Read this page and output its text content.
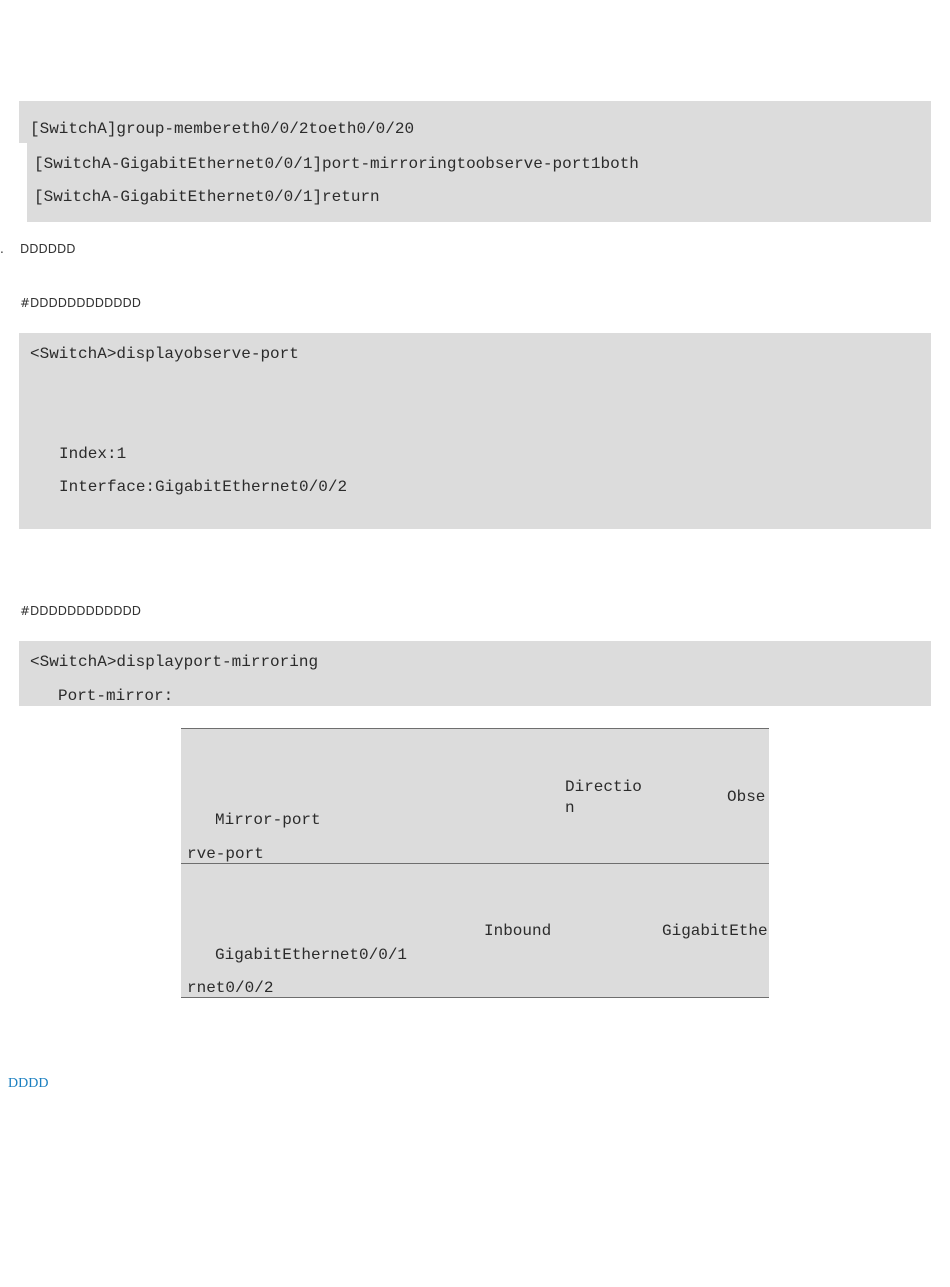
[SwitchA]group-membereth0/0/2toeth0/0/20
[SwitchA-GigabitEthernet0/0/1]port-mirroringtoobserve-port1both
[SwitchA-GigabitEthernet0/0/1]return
. DDDDDD
#DDDDDDDDDDDD
<SwitchA>displayobserve-port
Index:1
Interface:GigabitEthernet0/0/2
#DDDDDDDDDDDD
<SwitchA>displayport-mirroring
Port-mirror:
Mirror-port
Directio
n
Obse
rve-port
GigabitEthernet0/0/1
Inbound	GigabitEthe
rnet0/0/2
DDDD
